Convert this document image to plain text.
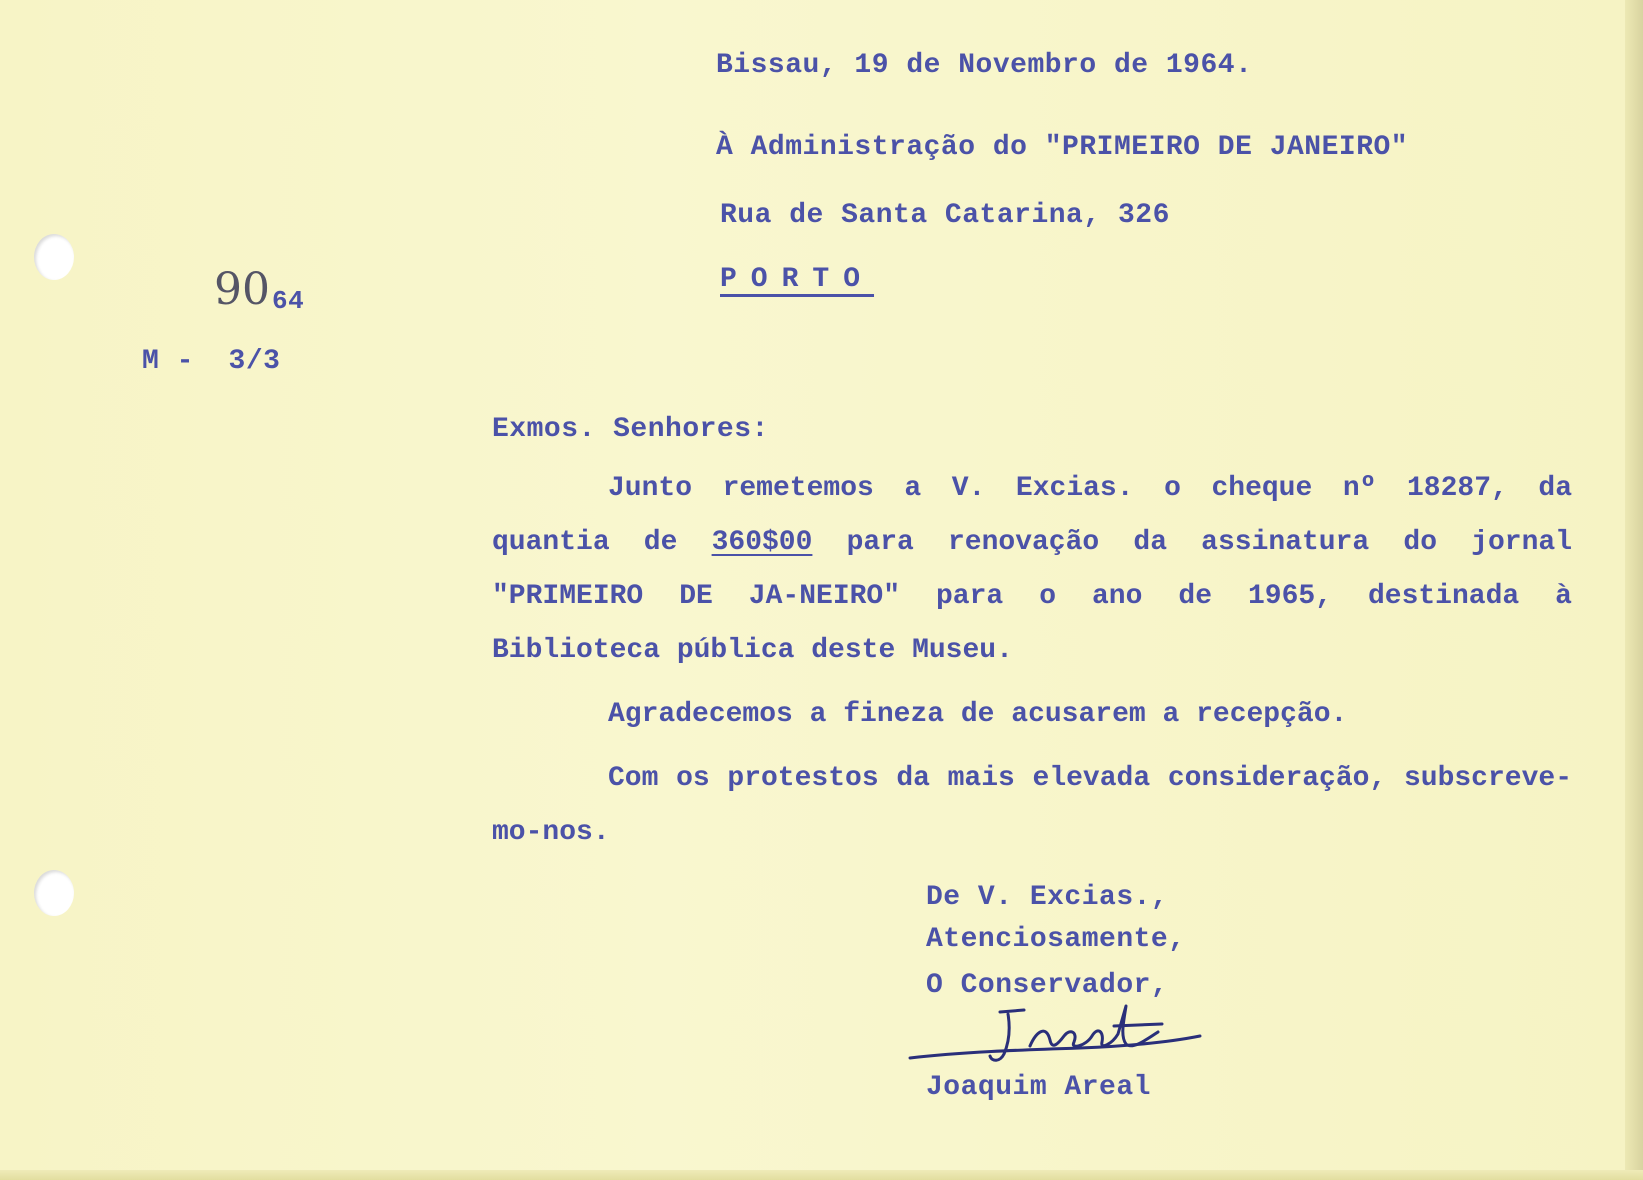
Bissau, 19 de Novembro de 1964.
À Administração do "PRIMEIRO DE JANEIRO"
Rua de Santa Catarina, 326
PORTO
90 64
M -  3/3
Exmos. Senhores:
Junto remetemos a V. Excias. o cheque nº 18287, da quantia de 360$00 para renovação da assinatura do jornal "PRIMEIRO DE JA-NEIRO" para o ano de 1965, destinada à Biblioteca pública deste Museu.
Agradecemos a fineza de acusarem a recepção.
Com os protestos da mais elevada consideração, subscreve-mo-nos.
De V. Excias.,
Atenciosamente,
O Conservador,
Joaquim Areal
